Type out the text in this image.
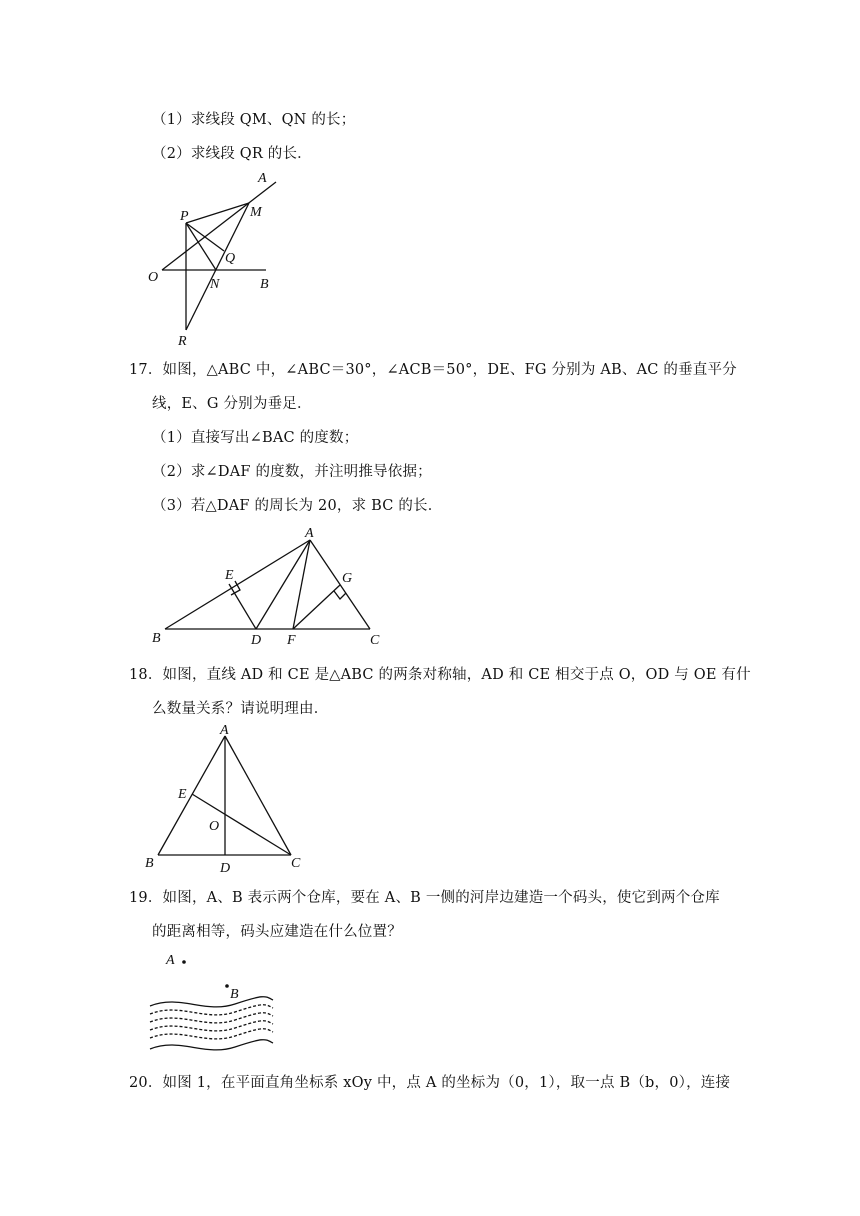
（1）求线段 QM、QN 的长；
（2）求线段 QR 的长．
A
P	M
Q
O	N	B
R
17．如图，△ABC 中，∠ABC＝30°，∠ACB＝50°，DE、FG 分别为 AB、AC 的垂直平分
线，E、G 分别为垂足．
（1）直接写出∠BAC 的度数；
（2）求∠DAF 的度数，并注明推导依据；
（3）若△DAF 的周长为 20，求 BC 的长．
A
E	G
B	D F	C
18．如图，直线 AD 和 CE 是△ABC 的两条对称轴，AD 和 CE 相交于点 O，OD 与 OE 有什
么数量关系？请说明理由．
A
E
O
B	D	C
19．如图，A、B 表示两个仓库，要在 A、B 一侧的河岸边建造一个码头，使它到两个仓库
的距离相等，码头应建造在什么位置？
A
B
20．如图 1，在平面直角坐标系 xOy 中，点 A 的坐标为（0，1），取一点 B（b，0），连接
